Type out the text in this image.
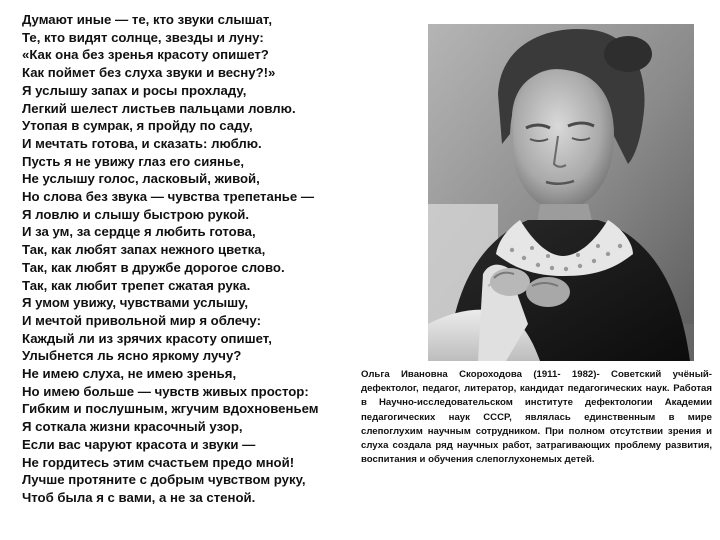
Думают иные — те, кто звуки слышат,
Те, кто видят солнце, звезды и луну:
«Как она без зренья красоту опишет?
Как поймет без слуха звуки и весну?!»
Я услышу запах и росы прохладу,
Легкий шелест листьев пальцами ловлю.
Утопая в сумрак, я пройду по саду,
И мечтать готова, и сказать: люблю.
Пусть я не увижу глаз его сиянье,
Не услышу голос, ласковый, живой,
Но слова без звука — чувства трепетанье —
Я ловлю и слышу быстрою рукой.
И за ум, за сердце я любить готова,
Так, как любят запах нежного цветка,
Так, как любят в дружбе дорогое слово.
Так, как любит трепет сжатая рука.
Я умом увижу, чувствами услышу,
И мечтой привольной мир я облечу:
Каждый ли из зрячих красоту опишет,
Улыбнется ль ясно яркому лучу?
Не имею слуха, не имею зренья,
Но имею больше — чувств живых простор:
Гибким и послушным, жгучим вдохновеньем
Я соткала жизни красочный узор,
Если вас чаруют красота и звуки —
Не гордитесь этим счастьем предо мной!
Лучше протяните с добрым чувством руку,
Чтоб была я с вами, а не за стеной.

Ольга Ивановна Скороходова (1911- 1982)- Советский учёный-дефектолог, педагог, литератор, кандидат педагогических наук. Работая в Научно-исследовательском институте дефектологии Академии педагогических наук СССР, являлась единственным в мире слепоглухим научным сотрудником. При полном отсутствии зрения и слуха создала ряд научных работ, затрагивающих проблему развития, воспитания и обучения слепоглухонемых детей.
